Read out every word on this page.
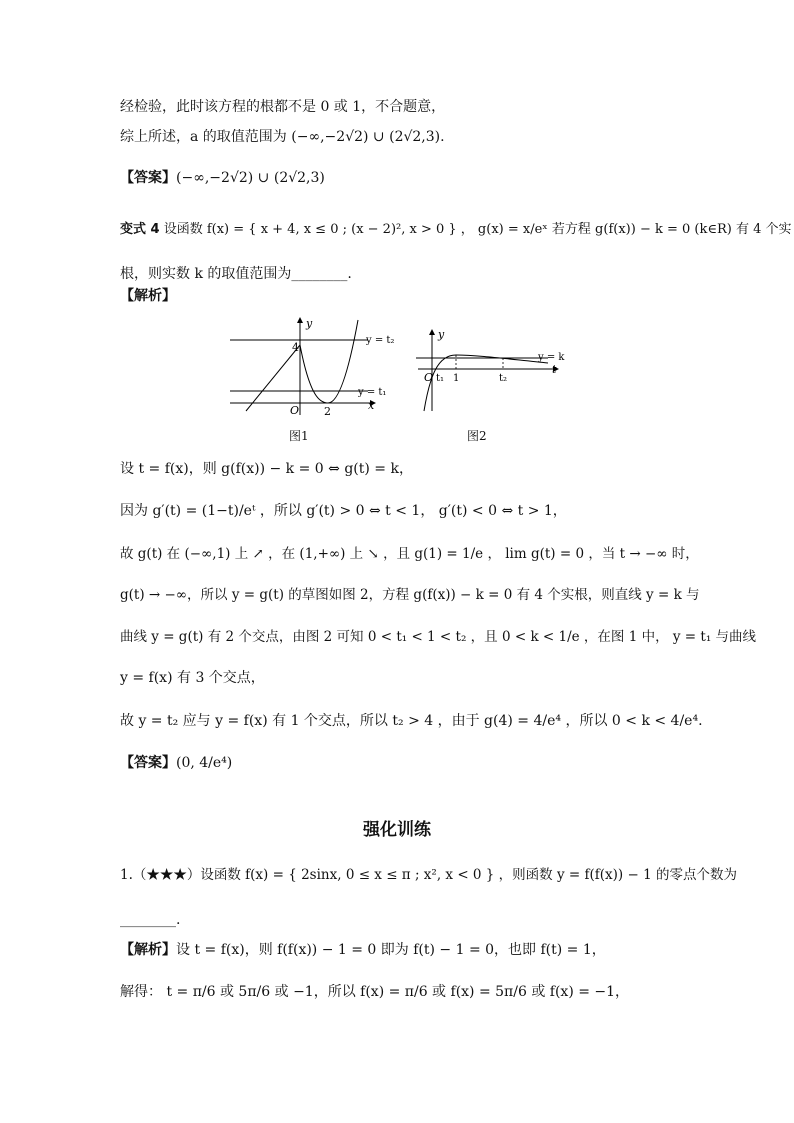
经检验，此时该方程的根都不是 0 或 1，不合题意，
综上所述，a 的取值范围为 (−∞,−2√2) ∪ (2√2,3).
【答案】(−∞,−2√2) ∪ (2√2,3)
变式 4 设函数 f(x) = { x + 4, x ≤ 0 ; (x − 2)², x > 0 } ， g(x) = x/eˣ 若方程 g(f(x)) − k = 0 (k∈R) 有 4 个实
根，则实数 k 的取值范围为________.
【解析】
y
x
O
4
2
y = t₂
y = t₁
图1
y
t
O t₁ 1	t₂
y = k
图2
设 t = f(x)，则 g(f(x)) − k = 0 ⇔ g(t) = k，
因为 g′(t) = (1−t)/eᵗ ，所以 g′(t) > 0 ⇔ t < 1， g′(t) < 0 ⇔ t > 1，
故 g(t) 在 (−∞,1) 上 ↗ ，在 (1,+∞) 上 ↘ ，且 g(1) = 1/e ， lim g(t) = 0 ，当 t → −∞ 时，
g(t) → −∞，所以 y = g(t) 的草图如图 2，方程 g(f(x)) − k = 0 有 4 个实根，则直线 y = k 与
曲线 y = g(t) 有 2 个交点，由图 2 可知 0 < t₁ < 1 < t₂ ，且 0 < k < 1/e ，在图 1 中， y = t₁ 与曲线
y = f(x) 有 3 个交点，
故 y = t₂ 应与 y = f(x) 有 1 个交点，所以 t₂ > 4 ，由于 g(4) = 4/e⁴ ，所以 0 < k < 4/e⁴.
【答案】(0, 4/e⁴)
强化训练
1.（★★★）设函数 f(x) = { 2sinx, 0 ≤ x ≤ π ; x², x < 0 } ，则函数 y = f(f(x)) − 1 的零点个数为
________.
【解析】设 t = f(x)，则 f(f(x)) − 1 = 0 即为 f(t) − 1 = 0，也即 f(t) = 1，
解得： t = π/6 或 5π/6 或 −1，所以 f(x) = π/6 或 f(x) = 5π/6 或 f(x) = −1，
